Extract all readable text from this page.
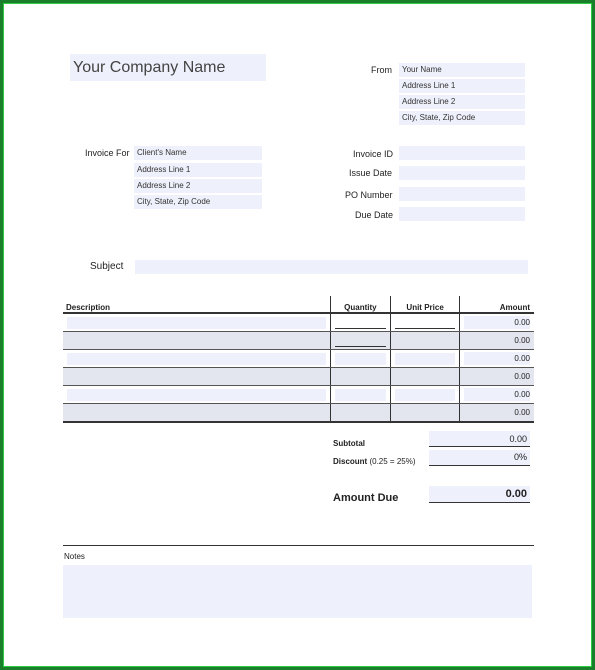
Your Company Name	From	Your Name
Address Line 1
Address Line 2
City, State, Zip Code
Invoice For Client's Name
Address Line 1
Address Line 2
City, State, Zip Code
Invoice ID
Issue Date
PO Number
Due Date
Subject
Description	Quantity	Unit Price	Amount

			0.00

			0.00

			0.00

			0.00

			0.00

			0.00
Subtotal	0.00
Discount (0.25 = 25%)	0%
Amount Due	0.00
Notes
